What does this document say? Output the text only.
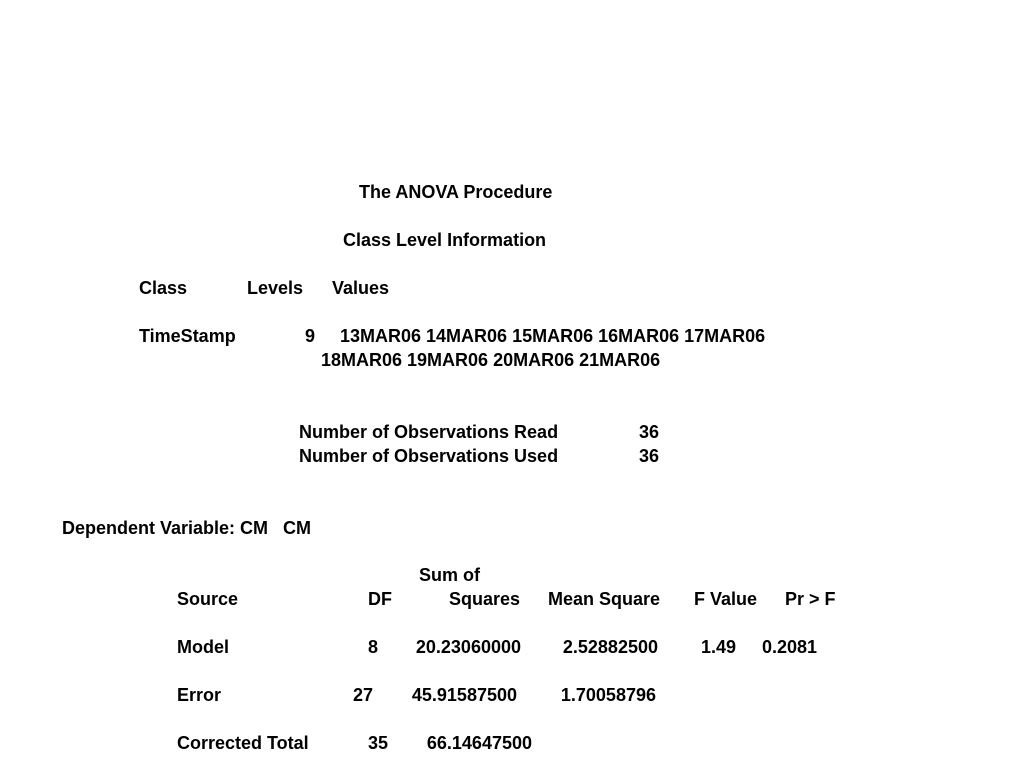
The ANOVA Procedure
Class Level Information
Class	Levels Values
TimeStamp	9 13MAR06 14MAR06 15MAR06 16MAR06 17MAR06
18MAR06 19MAR06 20MAR06 21MAR06
Number of Observations Read	36
Number of Observations Used	36
Dependent Variable: CM   CM
Sum of
Source	DF	Squares Mean Square F Value Pr > F
Model	8	20.23060000	2.52882500	1.49	0.2081
Error	27	45.91587500	1.70058796
Corrected Total	35	66.14647500
